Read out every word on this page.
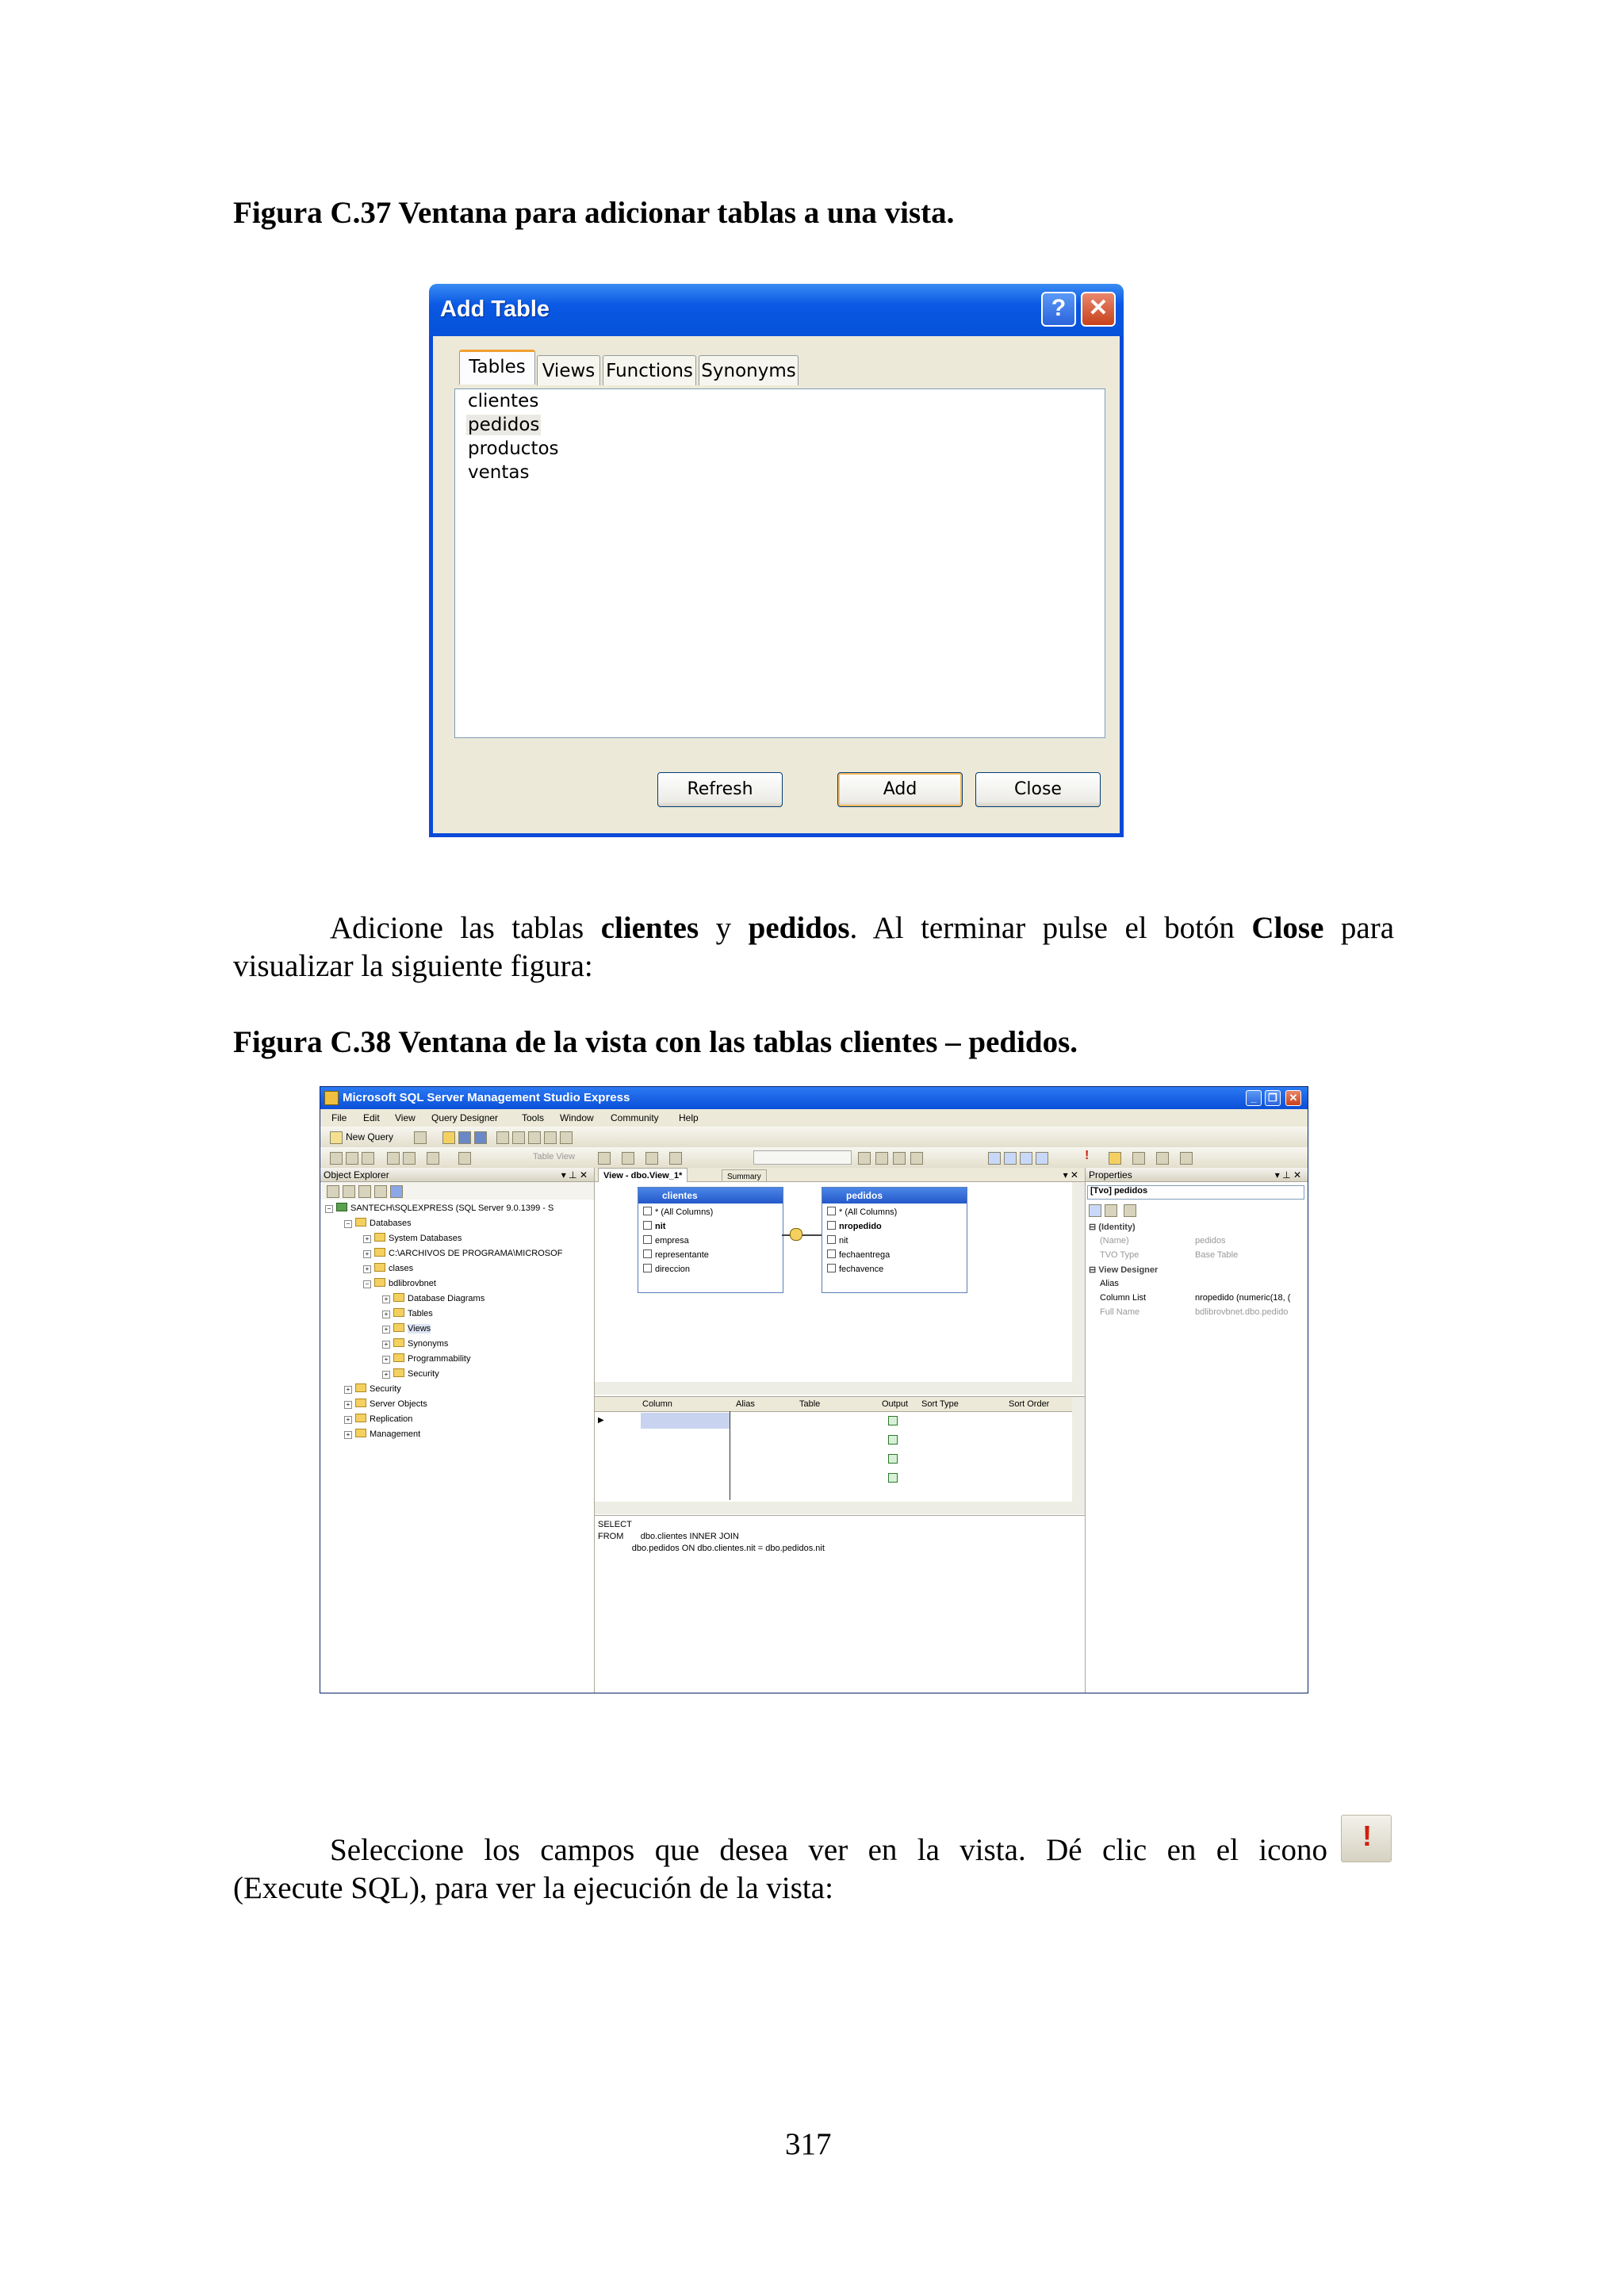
Figura C.37 Ventana para adicionar tablas a una vista.
Add Table	? ✕
Tables Views Functions Synonyms
clientes
pedidos
productos
ventas
Refresh	Add	Close

Adicione las tablas clientes y pedidos. Al terminar pulse el botón Close para visualizar la siguiente figura:

Figura C.38 Ventana de la vista con las tablas clientes – pedidos.
Microsoft SQL Server Management Studio Express	_	❐	✕
File Edit View Query Designer Tools Window Community Help
New Query
Table View	!
Object Explorer	▾ ⊥ ✕
− SANTECH\SQLEXPRESS (SQL Server 9.0.1399 - S
− Databases
+ System Databases
+ C:\ARCHIVOS DE PROGRAMA\MICROSOF
+ clases
− bdlibrovbnet
+ Database Diagrams
+ Tables
+ Views
+ Synonyms
+ Programmability
+ Security
+ Security
+ Server Objects
+ Replication
+ Management
View - dbo.View_1*	Summary	▾ ✕
clientes
* (All Columns)
nit
empresa
representante
direccion
pedidos
* (All Columns)
nropedido
nit
fechaentrega
fechavence
Column	Alias	Table	Output Sort Type	Sort Order
▶
SELECT
FROM       dbo.clientes INNER JOIN
dbo.pedidos ON dbo.clientes.nit = dbo.pedidos.nit
Properties	▾ ⊥ ✕
[Tvo] pedidos
⊟ (Identity)
(Name)	pedidos
TVO Type	Base Table
⊟ View Designer
Alias
Column List	nropedido (numeric(18, (
Full Name	bdlibrovbnet.dbo.pedido
Seleccione los campos que desea ver en la vista. Dé clic en el icono !
(Execute SQL), para ver la ejecución de la vista:
317
